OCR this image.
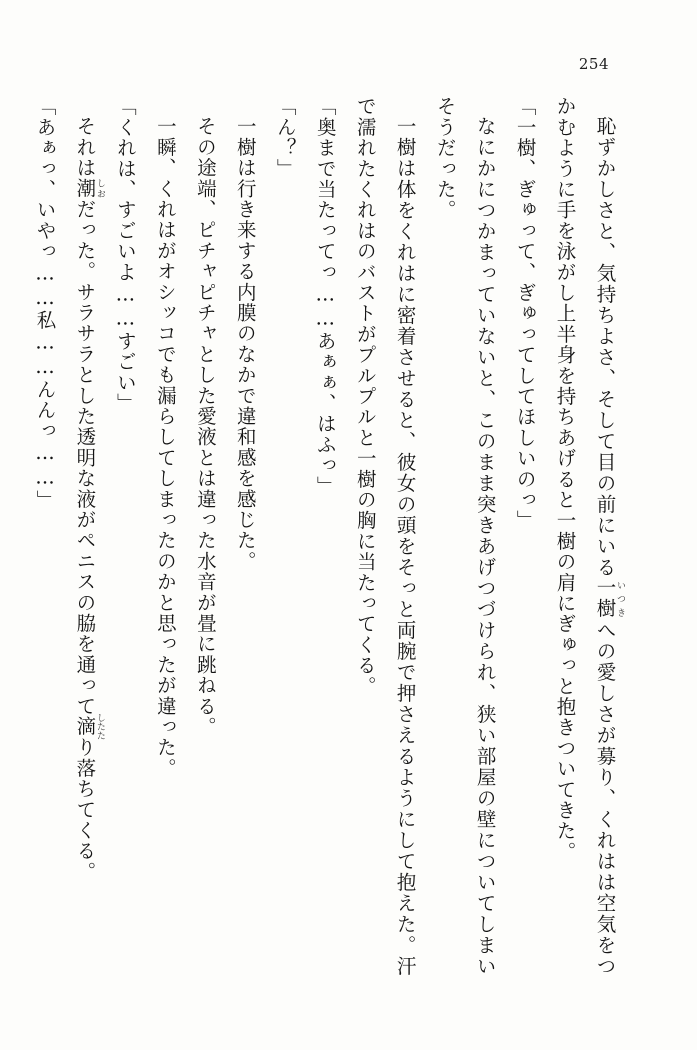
254

恥ずかしさと、気持ちよさ、そして目の前にいる一樹いつきへの愛しさが募り、くれはは空気をつかむように手を泳がし上半身を持ちあげると一樹の肩にぎゅっと抱きついてきた。

「一樹、ぎゅって、ぎゅってしてほしいのっ」

なにかにつかまっていないと、このまま突きあげつづけられ、狭い部屋の壁についてしまいそうだった。

一樹は体をくれはに密着させると、彼女の頭をそっと両腕で押さえるようにして抱えた。汗で濡れたくれはのバストがプルプルと一樹の胸に当たってくる。

「奥まで当たってっ……あぁぁ、はふっ」

「ん？」

一樹は行き来する内膜のなかで違和感を感じた。

その途端、ピチャピチャとした愛液とは違った水音が畳に跳ねる。

一瞬、くれはがオシッコでも漏らしてしまったのかと思ったが違った。

「くれは、すごいよ……すごい」

それは潮しおだった。サラサラとした透明な液がペニスの脇を通って滴したたり落ちてくる。

「あぁっ、いやっ……私……んんっ……」
